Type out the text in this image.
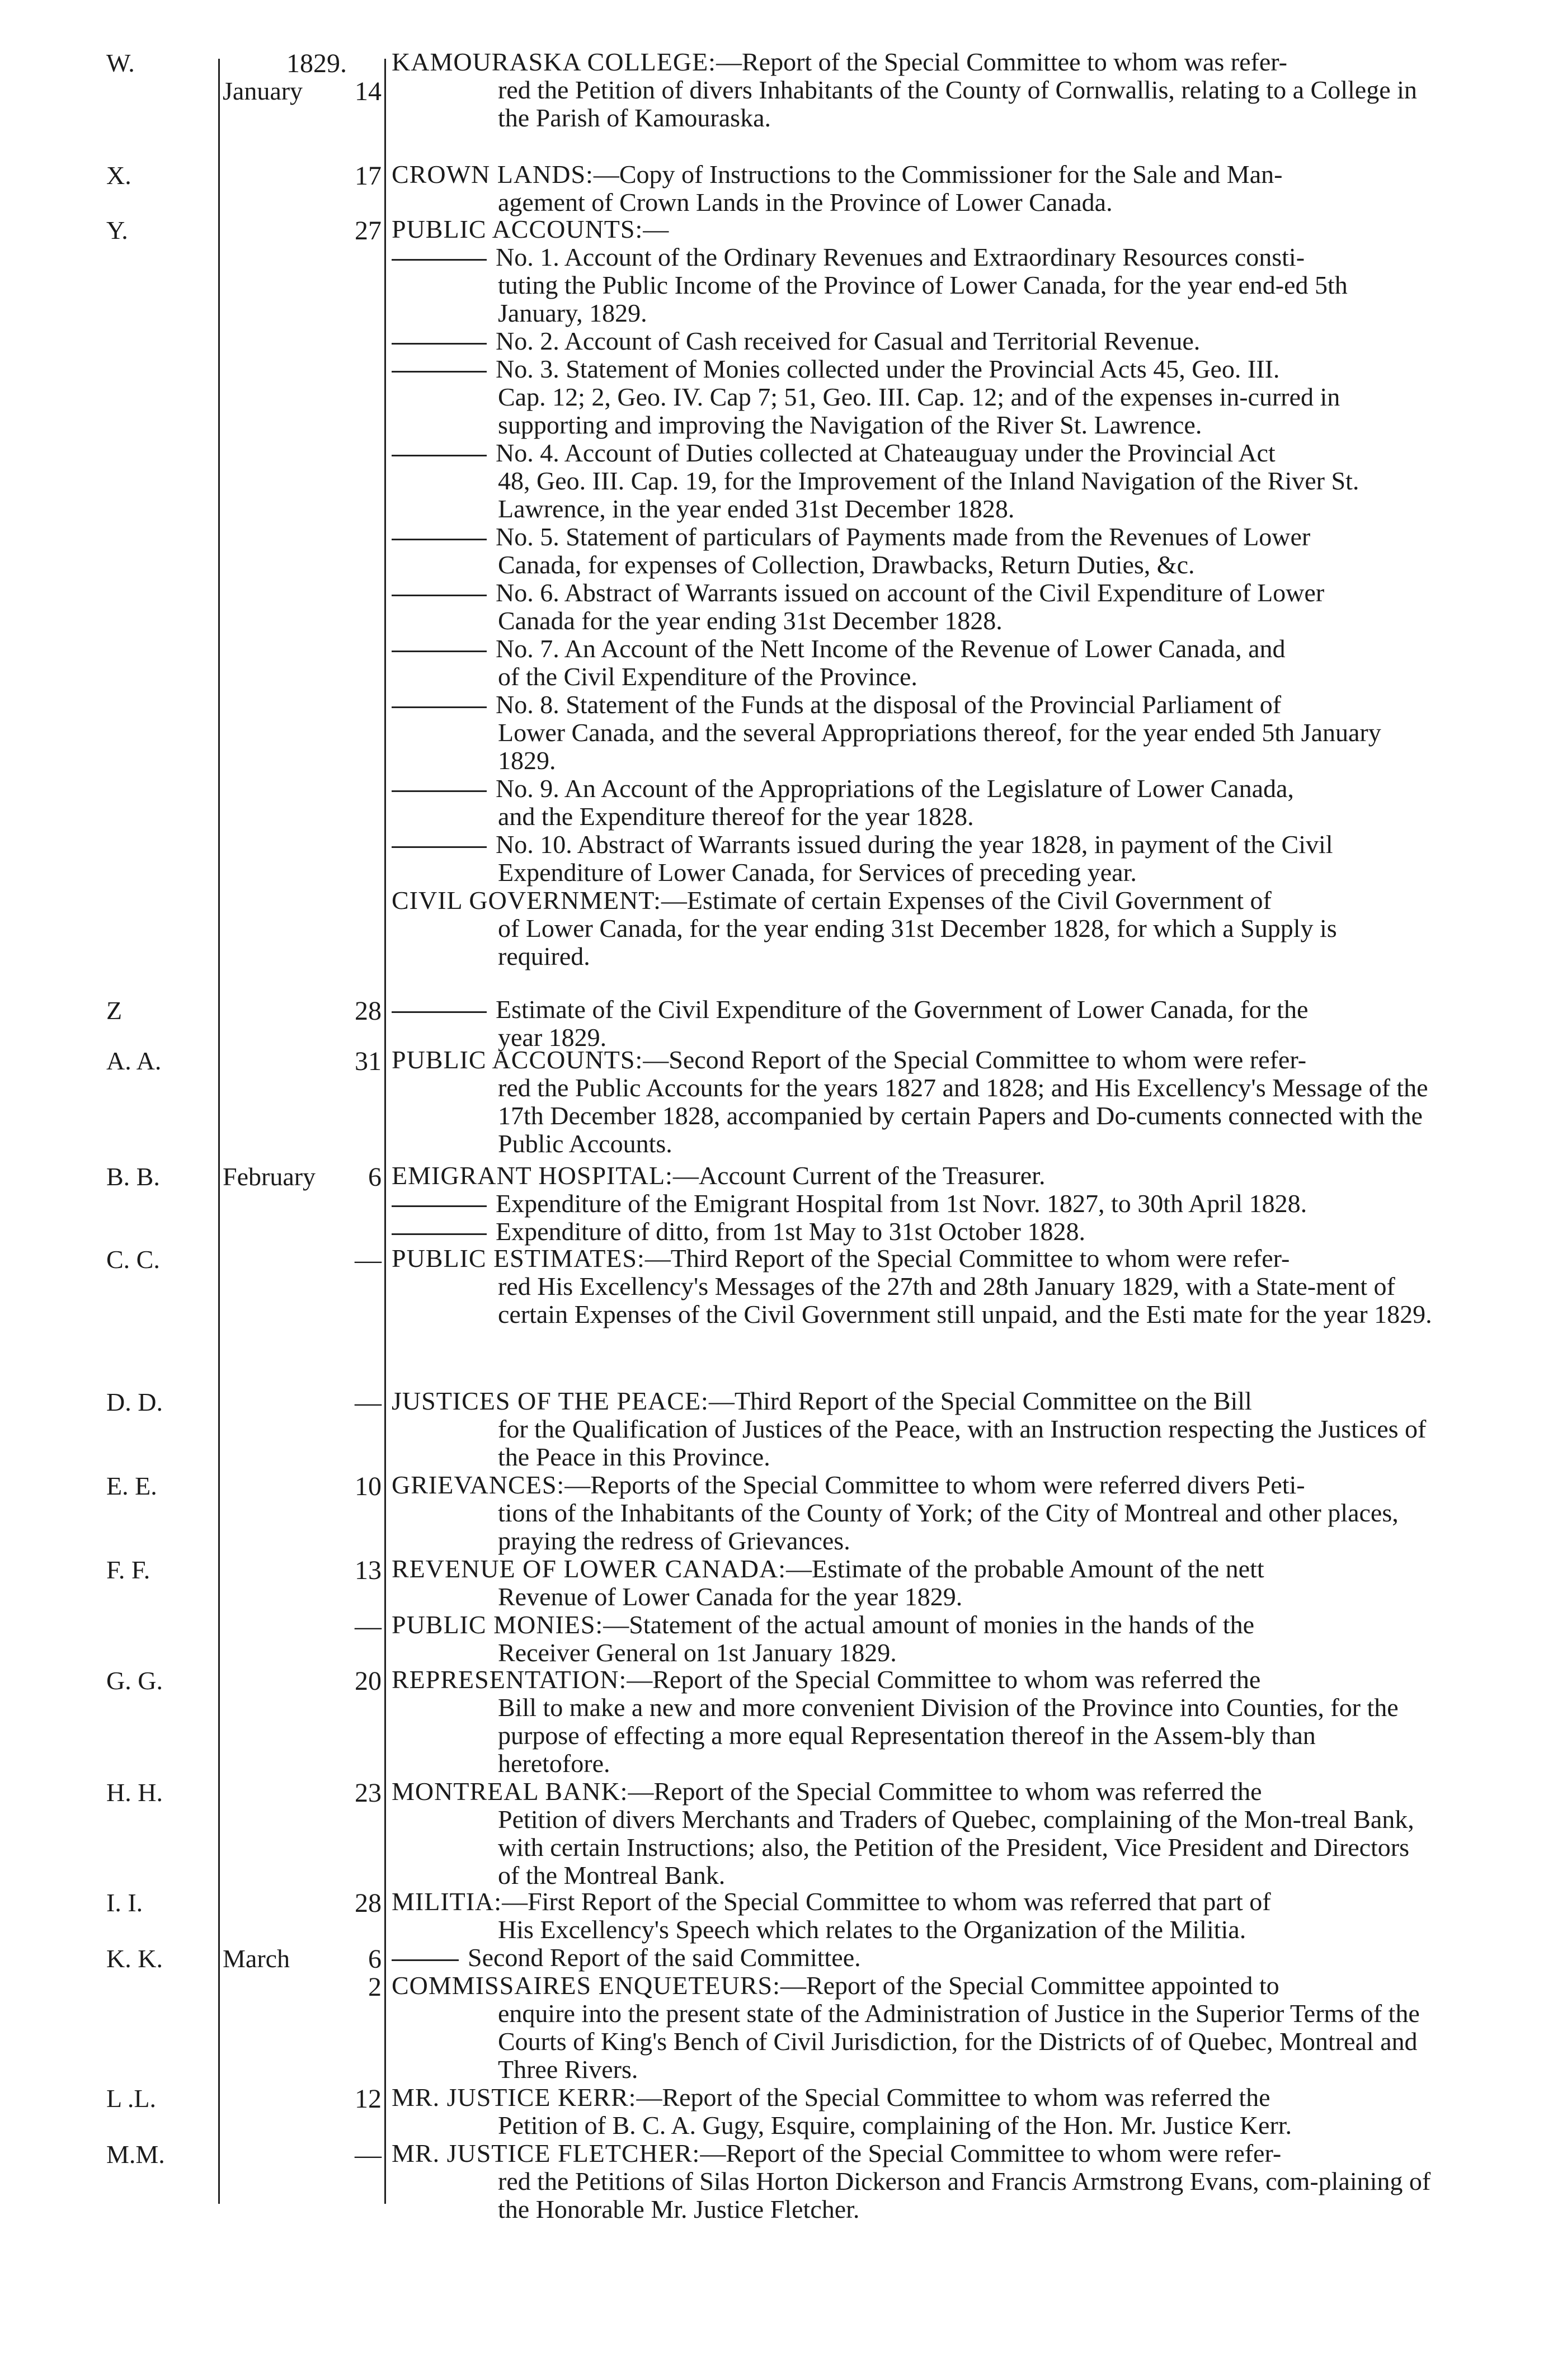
1829.
W.
X.
Y.
Z
A. A.
B. B.
C. C.
D. D.
E. E.
F. F.
G. G.
H. H.
I. I.
K. K.
L .L.
M.M.
January
February
March
14
17
27
28
31
6
—
—
10
13
—
20
23
28
6
2
12
—
KAMOURASKA COLLEGE:—Report of the Special Committee to whom was refer-
red the Petition of divers Inhabitants of the County of Cornwallis, relating to a College in the Parish of Kamouraska.
CROWN LANDS:—Copy of Instructions to the Commissioner for the Sale and Man-
agement of Crown Lands in the Province of Lower Canada.
PUBLIC ACCOUNTS:—
No. 1. Account of the Ordinary Revenues and Extraordinary Resources consti-
tuting the Public Income of the Province of Lower Canada, for the year end-ed 5th January, 1829.
No. 2. Account of Cash received for Casual and Territorial Revenue.
No. 3. Statement of Monies collected under the Provincial Acts 45, Geo. III.
Cap. 12; 2, Geo. IV. Cap 7; 51, Geo. III. Cap. 12; and of the expenses in-curred in supporting and improving the Navigation of the River St. Lawrence.
No. 4. Account of Duties collected at Chateauguay under the Provincial Act
48, Geo. III. Cap. 19, for the Improvement of the Inland Navigation of the River St. Lawrence, in the year ended 31st December 1828.
No. 5. Statement of particulars of Payments made from the Revenues of Lower
Canada, for expenses of Collection, Drawbacks, Return Duties, &c.
No. 6. Abstract of Warrants issued on account of the Civil Expenditure of Lower
Canada for the year ending 31st December 1828.
No. 7. An Account of the Nett Income of the Revenue of Lower Canada, and
of the Civil Expenditure of the Province.
No. 8. Statement of the Funds at the disposal of the Provincial Parliament of
Lower Canada, and the several Appropriations thereof, for the year ended 5th January 1829.
No. 9. An Account of the Appropriations of the Legislature of Lower Canada,
and the Expenditure thereof for the year 1828.
No. 10. Abstract of Warrants issued during the year 1828, in payment of the Civil
Expenditure of Lower Canada, for Services of preceding year.
CIVIL GOVERNMENT:—Estimate of certain Expenses of the Civil Government of
of Lower Canada, for the year ending 31st December 1828, for which a Supply is required.
Estimate of the Civil Expenditure of the Government of Lower Canada, for the
year 1829.
PUBLIC ACCOUNTS:—Second Report of the Special Committee to whom were refer-
red the Public Accounts for the years 1827 and 1828; and His Excellency's Message of the 17th December 1828, accompanied by certain Papers and Do-cuments connected with the Public Accounts.
EMIGRANT HOSPITAL:—Account Current of the Treasurer.
Expenditure of the Emigrant Hospital from 1st Novr. 1827, to 30th April 1828.
Expenditure of ditto, from 1st May to 31st October 1828.
PUBLIC ESTIMATES:—Third Report of the Special Committee to whom were refer-
red His Excellency's Messages of the 27th and 28th January 1829, with a State-ment of certain Expenses of the Civil Government still unpaid, and the Esti mate for the year 1829.
JUSTICES OF THE PEACE:—Third Report of the Special Committee on the Bill
for the Qualification of Justices of the Peace, with an Instruction respecting the Justices of the Peace in this Province.
GRIEVANCES:—Reports of the Special Committee to whom were referred divers Peti-
tions of the Inhabitants of the County of York; of the City of Montreal and other places, praying the redress of Grievances.
REVENUE OF LOWER CANADA:—Estimate of the probable Amount of the nett
Revenue of Lower Canada for the year 1829.
PUBLIC MONIES:—Statement of the actual amount of monies in the hands of the
Receiver General on 1st January 1829.
REPRESENTATION:—Report of the Special Committee to whom was referred the
Bill to make a new and more convenient Division of the Province into Counties, for the purpose of effecting a more equal Representation thereof in the Assem-bly than heretofore.
MONTREAL BANK:—Report of the Special Committee to whom was referred the
Petition of divers Merchants and Traders of Quebec, complaining of the Mon-treal Bank, with certain Instructions; also, the Petition of the President, Vice President and Directors of the Montreal Bank.
MILITIA:—First Report of the Special Committee to whom was referred that part of
His Excellency's Speech which relates to the Organization of the Militia.
Second Report of the said Committee.
COMMISSAIRES ENQUETEURS:—Report of the Special Committee appointed to
enquire into the present state of the Administration of Justice in the Superior Terms of the Courts of King's Bench of Civil Jurisdiction, for the Districts of of Quebec, Montreal and Three Rivers.
MR. JUSTICE KERR:—Report of the Special Committee to whom was referred the
Petition of B. C. A. Gugy, Esquire, complaining of the Hon. Mr. Justice Kerr.
MR. JUSTICE FLETCHER:—Report of the Special Committee to whom were refer-
red the Petitions of Silas Horton Dickerson and Francis Armstrong Evans, com-plaining of the Honorable Mr. Justice Fletcher.
